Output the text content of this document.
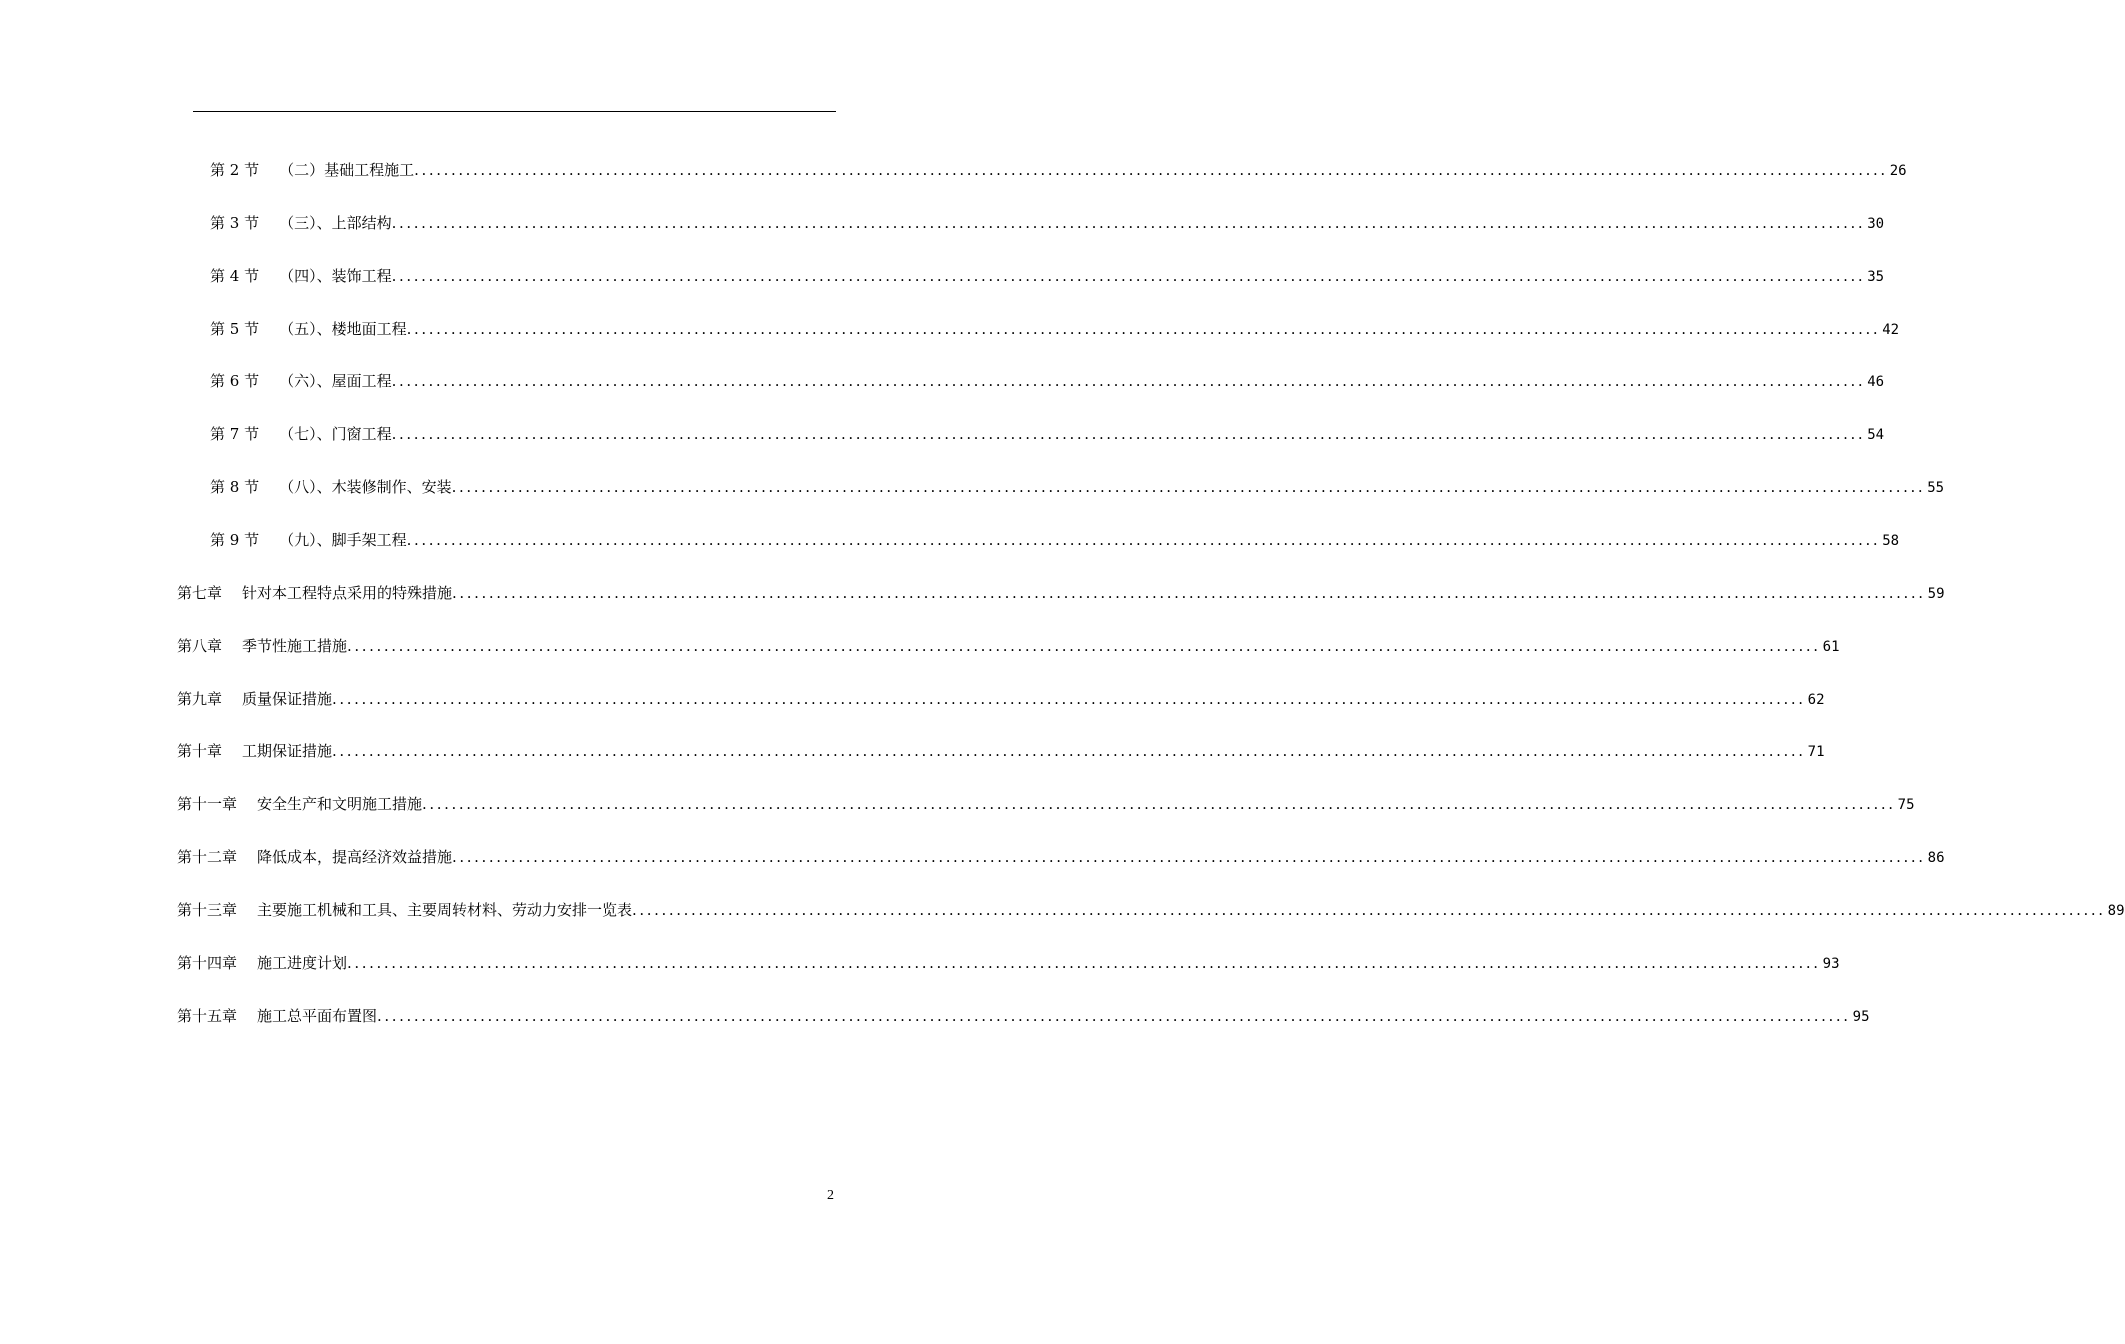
第 2 节 （二）基础工程施工 ........................................................................................................................................................................................................ 26
第 3 节 （三）、上部结构 ........................................................................................................................................................................................................ 30
第 4 节 （四）、装饰工程 ........................................................................................................................................................................................................ 35
第 5 节 （五）、楼地面工程 ........................................................................................................................................................................................................ 42
第 6 节 （六）、屋面工程 ........................................................................................................................................................................................................ 46
第 7 节 （七）、门窗工程 ........................................................................................................................................................................................................ 54
第 8 节 （八）、木装修制作、安装 ........................................................................................................................................................................................................ 55
第 9 节 （九）、脚手架工程 ........................................................................................................................................................................................................ 58
第七章 针对本工程特点采用的特殊措施 ........................................................................................................................................................................................................ 59
第八章 季节性施工措施 ........................................................................................................................................................................................................ 61
第九章 质量保证措施 ........................................................................................................................................................................................................ 62
第十章 工期保证措施 ........................................................................................................................................................................................................ 71
第十一章 安全生产和文明施工措施 ........................................................................................................................................................................................................ 75
第十二章 降低成本，提高经济效益措施 ........................................................................................................................................................................................................ 86
第十三章 主要施工机械和工具、主要周转材料、劳动力安排一览表 ........................................................................................................................................................................................................ 89
第十四章 施工进度计划 ........................................................................................................................................................................................................ 93
第十五章 施工总平面布置图 ........................................................................................................................................................................................................ 95
2
